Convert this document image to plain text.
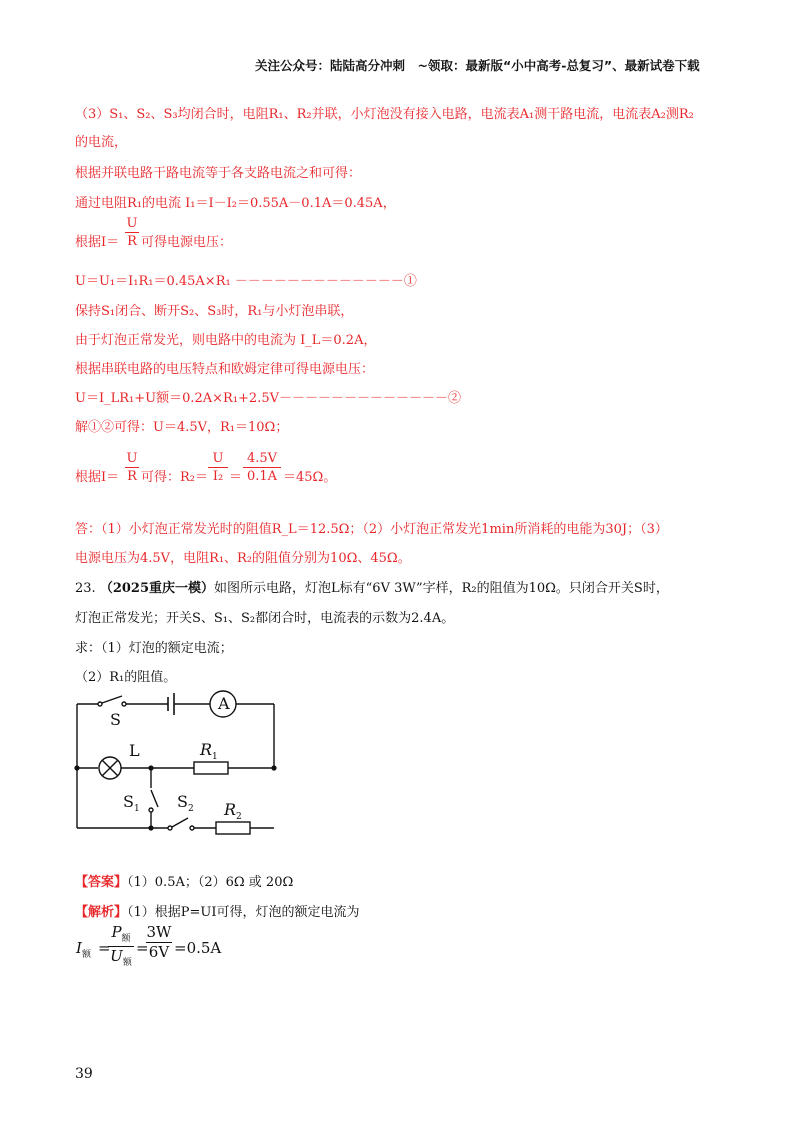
关注公众号：陆陆高分冲刺　~领取：最新版“小中高考-总复习”、最新试卷下载
（3）S₁、S₂、S₃均闭合时，电阻R₁、R₂并联，小灯泡没有接入电路，电流表A₁测干路电流，电流表A₂测R₂
的电流，
根据并联电路干路电流等于各支路电流之和可得：
通过电阻R₁的电流 I₁＝I－I₂＝0.55A－0.1A＝0.45A，
根据I＝
U
R 可得电源电压：
U＝U₁＝I₁R₁＝0.45A×R₁ －－－－－－－－－－－－－①
保持S₁闭合、断开S₂、S₃时，R₁与小灯泡串联，
由于灯泡正常发光，则电路中的电流为 I_L＝0.2A，
根据串联电路的电压特点和欧姆定律可得电源电压：
U＝I_LR₁+U额＝0.2A×R₁+2.5V－－－－－－－－－－－－－②
解①②可得：U＝4.5V，R₁＝10Ω；
根据I＝
U
R 可得：R₂＝
U
I₂ ＝
4.5V
0.1A ＝45Ω。
答：（1）小灯泡正常发光时的阻值R_L＝12.5Ω；（2）小灯泡正常发光1min所消耗的电能为30J；（3）
电源电压为4.5V，电阻R₁、R₂的阻值分别为10Ω、45Ω。
23. （2025重庆一模）如图所示电路，灯泡L标有“6V 3W”字样，R₂的阻值为10Ω。只闭合开关S时，
灯泡正常发光；开关S、S₁、S₂都闭合时，电流表的示数为2.4A。
求：（1）灯泡的额定电流；
（2）R₁的阻值。
S
A
L	$R_1$
$S_1$ $S_2$ $R_2$
【答案】（1）0.5A；（2）6Ω 或 20Ω
【解析】（1）根据P=UI可得，灯泡的额定电流为
$I_额$ =
$P_额$
$U_额$
=
3W
6V =0.5A
39
